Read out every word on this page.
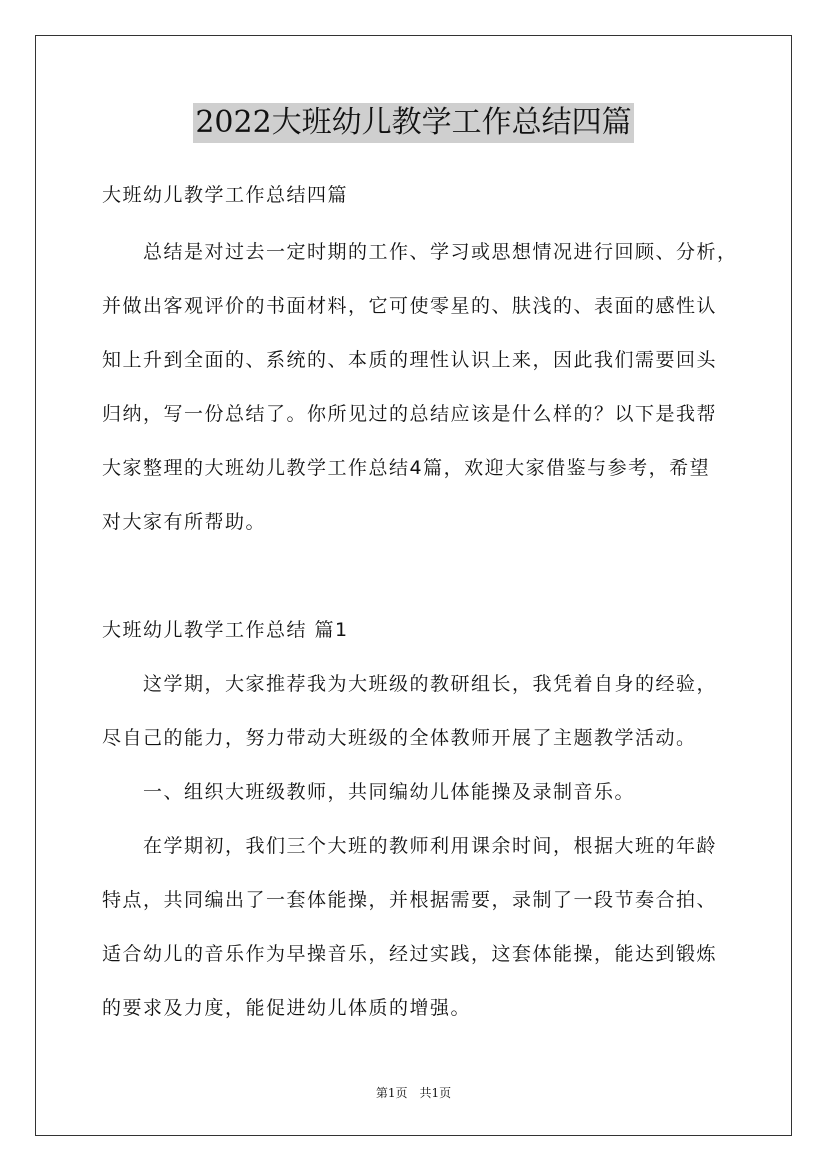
2022大班幼儿教学工作总结四篇
大班幼儿教学工作总结四篇
　　总结是对过去一定时期的工作、学习或思想情况进行回顾、分析，
并做出客观评价的书面材料，它可使零星的、肤浅的、表面的感性认
知上升到全面的、系统的、本质的理性认识上来，因此我们需要回头
归纳，写一份总结了。你所见过的总结应该是什么样的？以下是我帮
大家整理的大班幼儿教学工作总结4篇，欢迎大家借鉴与参考，希望
对大家有所帮助。
大班幼儿教学工作总结 篇1
　　这学期，大家推荐我为大班级的教研组长，我凭着自身的经验，
尽自己的能力，努力带动大班级的全体教师开展了主题教学活动。
　　一、组织大班级教师，共同编幼儿体能操及录制音乐。
　　在学期初，我们三个大班的教师利用课余时间，根据大班的年龄
特点，共同编出了一套体能操，并根据需要，录制了一段节奏合拍、
适合幼儿的音乐作为早操音乐，经过实践，这套体能操，能达到锻炼
的要求及力度，能促进幼儿体质的增强。
第1页　共1页
